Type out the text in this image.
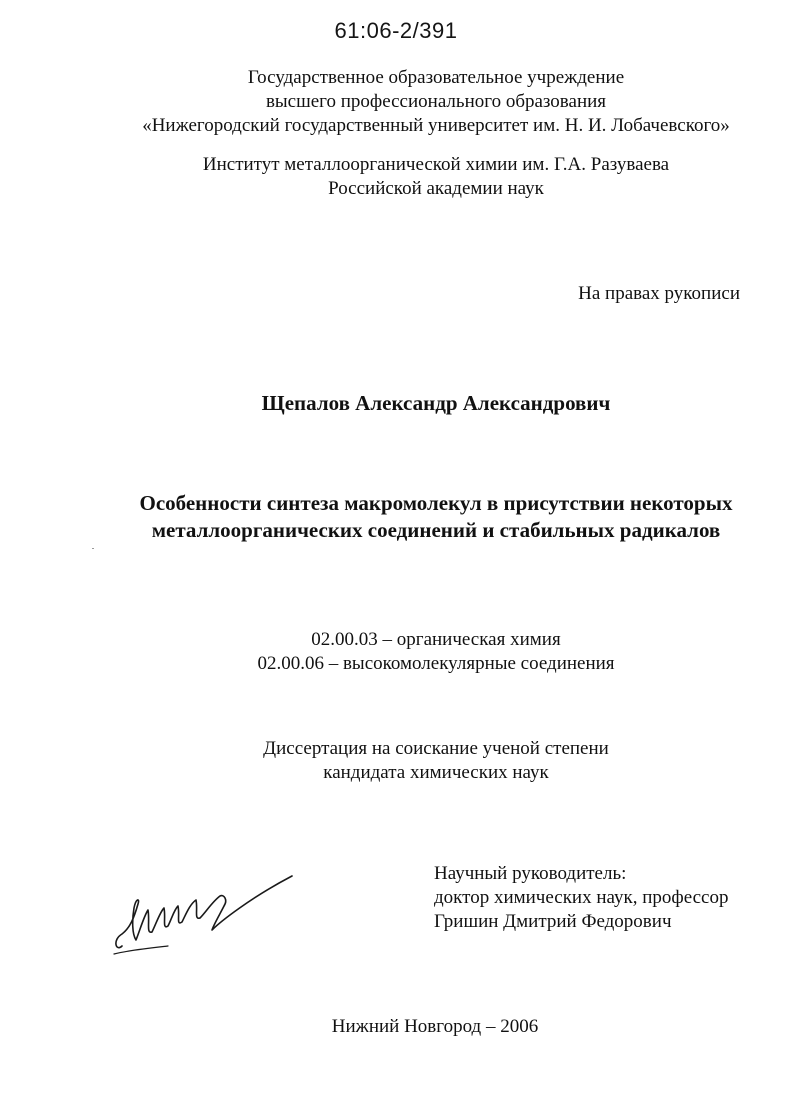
61:06-2/391
Государственное образовательное учреждение
высшего профессионального образования
«Нижегородский государственный университет им. Н. И. Лобачевского»
Институт металлоорганической химии им. Г.А. Разуваева
Российской академии наук
На правах рукописи
Щепалов Александр Александрович
Особенности синтеза макромолекул в присутствии некоторых
металлоорганических соединений и стабильных радикалов
02.00.03 – органическая химия
02.00.06 – высокомолекулярные соединения
Диссертация на соискание ученой степени
кандидата химических наук
Научный руководитель:
доктор химических наук, профессор
Гришин Дмитрий Федорович
Нижний Новгород – 2006
